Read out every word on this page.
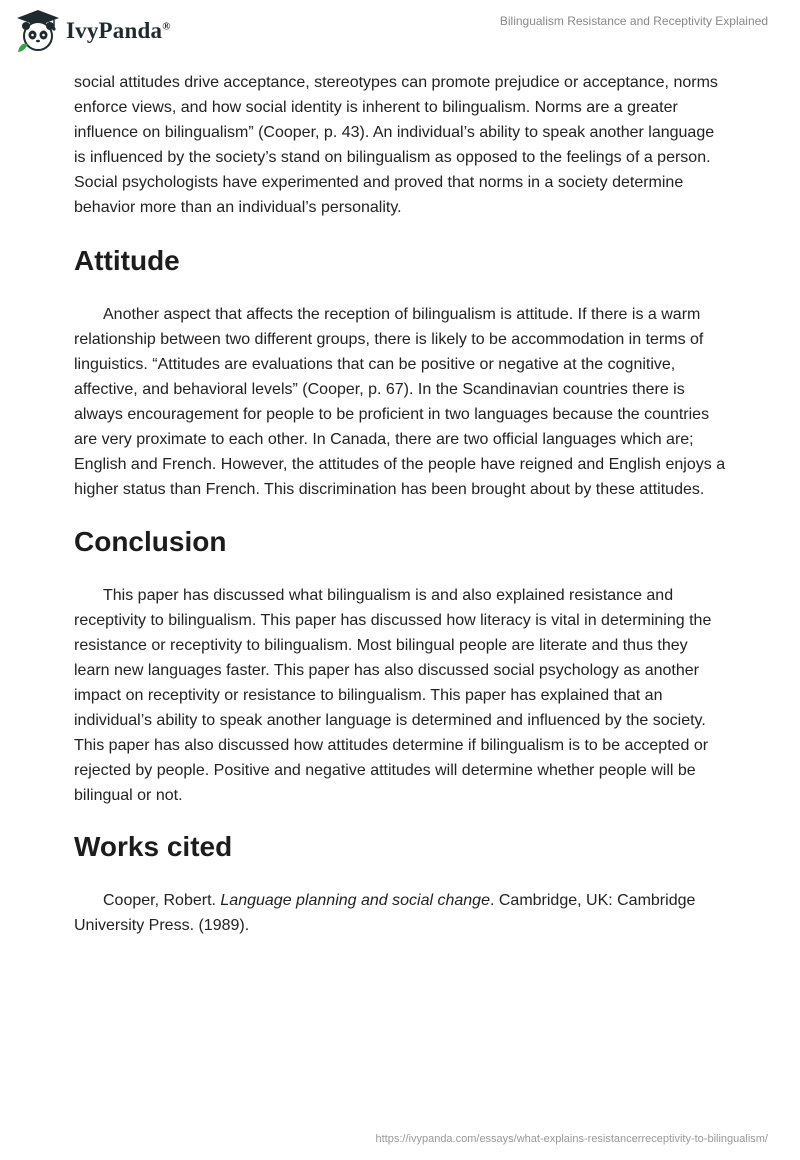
IvyPanda®	Bilingualism Resistance and Receptivity Explained

social attitudes drive acceptance, stereotypes can promote prejudice or acceptance, norms enforce views, and how social identity is inherent to bilingualism. Norms are a greater influence on bilingualism” (Cooper, p. 43). An individual’s ability to speak another language is influenced by the society’s stand on bilingualism as opposed to the feelings of a person. Social psychologists have experimented and proved that norms in a society determine behavior more than an individual’s personality.

Attitude

Another aspect that affects the reception of bilingualism is attitude. If there is a warm relationship between two different groups, there is likely to be accommodation in terms of linguistics. “Attitudes are evaluations that can be positive or negative at the cognitive, affective, and behavioral levels” (Cooper, p. 67). In the Scandinavian countries there is always encouragement for people to be proficient in two languages because the countries are very proximate to each other. In Canada, there are two official languages which are; English and French. However, the attitudes of the people have reigned and English enjoys a higher status than French. This discrimination has been brought about by these attitudes.

Conclusion

This paper has discussed what bilingualism is and also explained resistance and receptivity to bilingualism. This paper has discussed how literacy is vital in determining the resistance or receptivity to bilingualism. Most bilingual people are literate and thus they learn new languages faster. This paper has also discussed social psychology as another impact on receptivity or resistance to bilingualism. This paper has explained that an individual’s ability to speak another language is determined and influenced by the society. This paper has also discussed how attitudes determine if bilingualism is to be accepted or rejected by people. Positive and negative attitudes will determine whether people will be bilingual or not.

Works cited

Cooper, Robert. Language planning and social change. Cambridge, UK: Cambridge University Press. (1989).

https://ivypanda.com/essays/what-explains-resistancerreceptivity-to-bilingualism/
